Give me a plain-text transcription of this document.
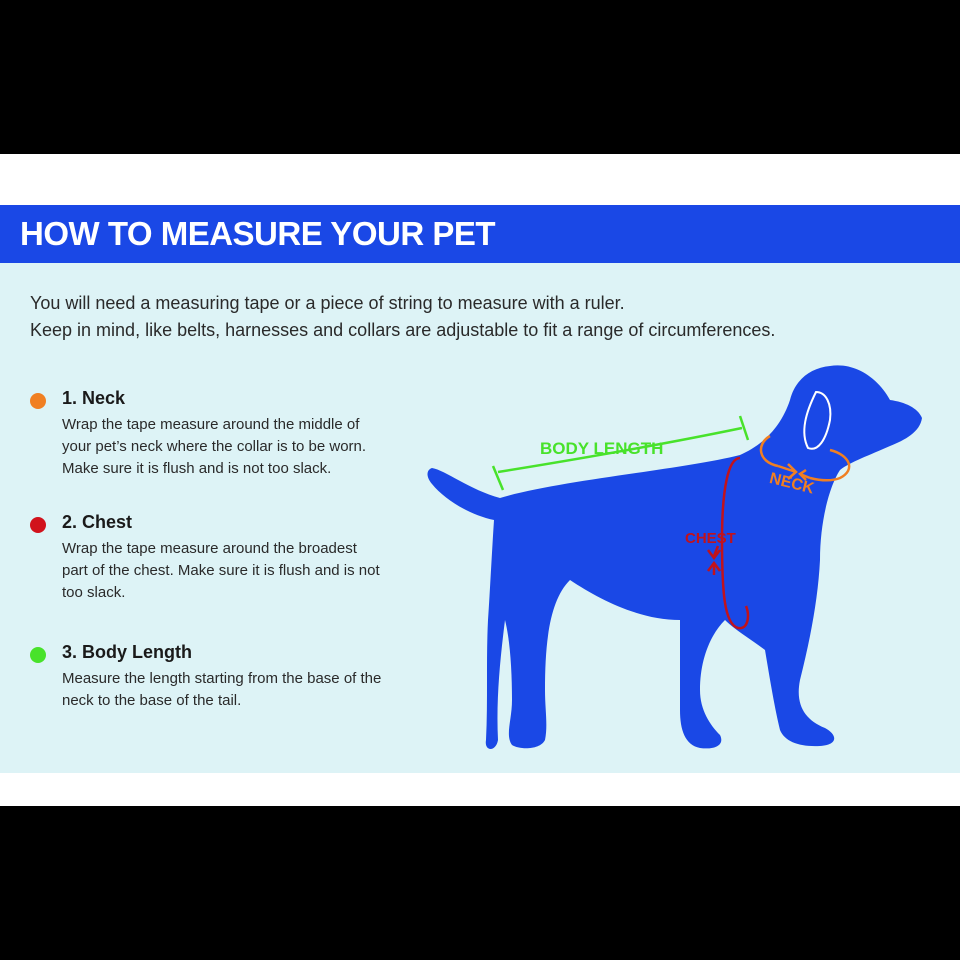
HOW TO MEASURE YOUR PET

You will need a measuring tape or a piece of string to measure with a ruler.

Keep in mind, like belts, harnesses and collars are adjustable to fit a range of circumferences.

1. Neck
Wrap the tape measure around the middle of
your pet’s neck where the collar is to be worn.
Make sure it is flush and is not too slack.
2. Chest
Wrap the tape measure around the broadest
part of the chest. Make sure it is flush and is not
too slack.
3. Body Length
Measure the length starting from the base of the
neck to the base of the tail.
BODY LENGTH
NECK
CHEST
